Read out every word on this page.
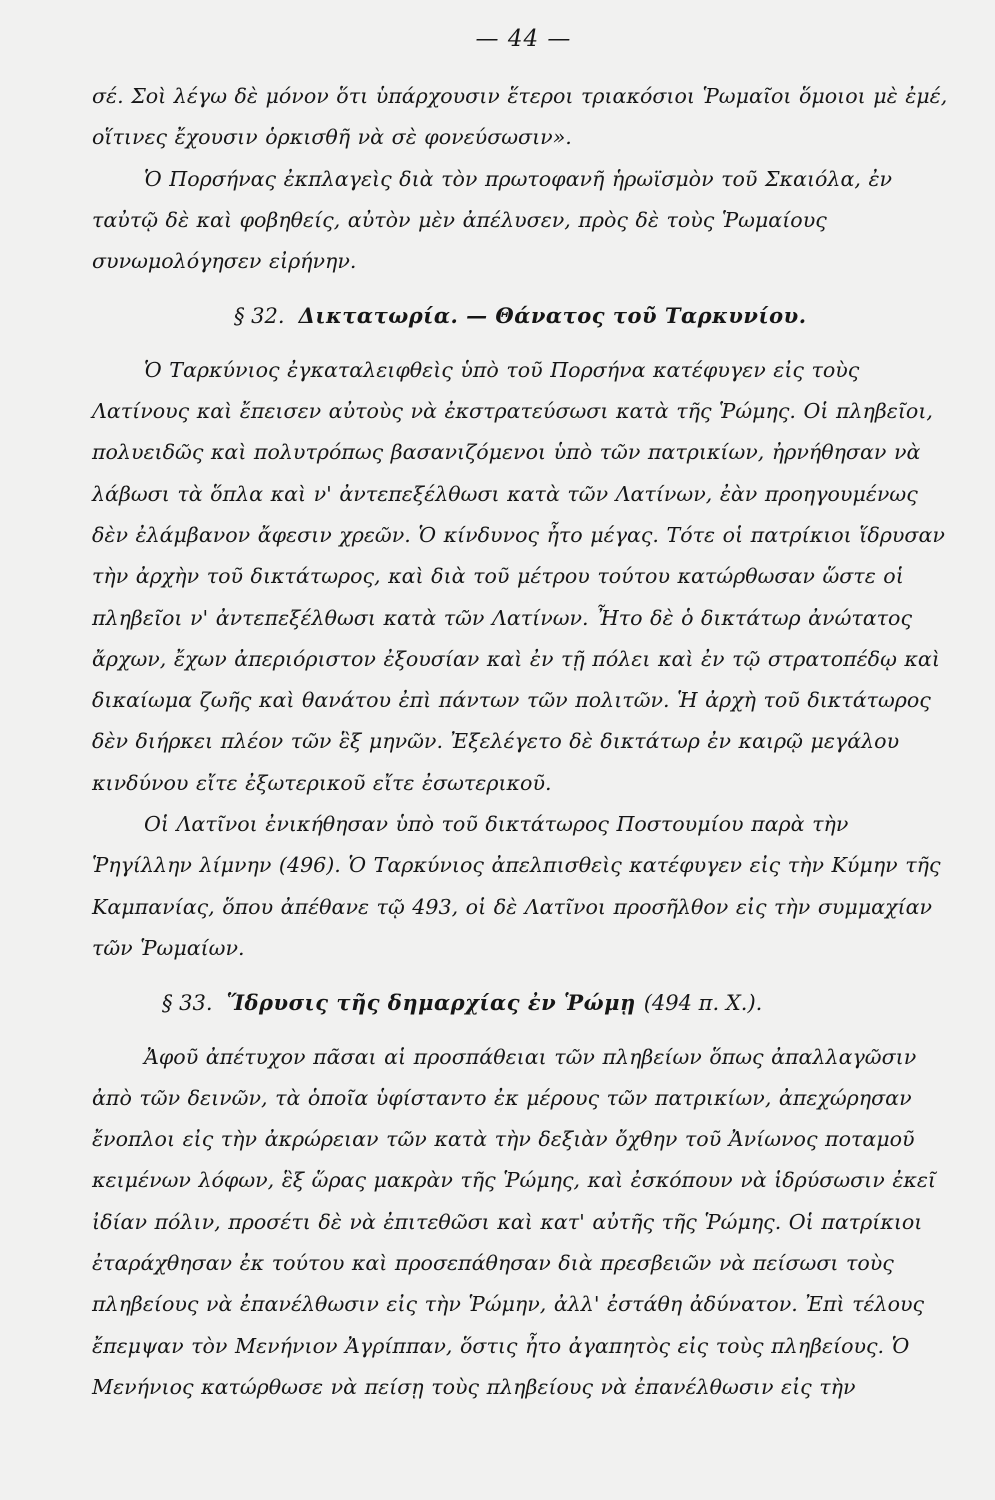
— 44 —

σέ. Σοὶ λέγω δὲ μόνον ὅτι ὑπάρχουσιν ἕτεροι τριακόσιοι Ῥωμαῖοι ὅμοιοι μὲ ἐμέ, οἵτινες ἔχουσιν ὁρκισθῆ νὰ σὲ φονεύσωσιν».

Ὁ Πορσήνας ἐκπλαγεὶς διὰ τὸν πρωτοφανῆ ἡρωϊσμὸν τοῦ Σκαιόλα, ἐν ταὐτῷ δὲ καὶ φοβηθείς, αὐτὸν μὲν ἀπέλυσεν, πρὸς δὲ τοὺς Ῥωμαίους συνωμολόγησεν εἰρήνην.

§ 32. Δικτατωρία. — Θάνατος τοῦ Ταρκυνίου.

Ὁ Ταρκύνιος ἐγκαταλειφθεὶς ὑπὸ τοῦ Πορσήνα κατέφυγεν εἰς τοὺς Λατίνους καὶ ἔπεισεν αὐτοὺς νὰ ἐκστρατεύσωσι κατὰ τῆς Ῥώμης. Οἱ πληβεῖοι, πολυειδῶς καὶ πολυτρόπως βασανιζόμενοι ὑπὸ τῶν πατρικίων, ἠρνήθησαν νὰ λάβωσι τὰ ὅπλα καὶ ν' ἀντεπεξέλθωσι κατὰ τῶν Λατίνων, ἐὰν προηγουμένως δὲν ἐλάμβανον ἄφεσιν χρεῶν. Ὁ κίνδυνος ἦτο μέγας. Τότε οἱ πατρίκιοι ἵδρυσαν τὴν ἀρχὴν τοῦ δικτάτωρος, καὶ διὰ τοῦ μέτρου τούτου κατώρθωσαν ὥστε οἱ πληβεῖοι ν' ἀντεπεξέλθωσι κατὰ τῶν Λατίνων. Ἦτο δὲ ὁ δικτάτωρ ἀνώτατος ἄρχων, ἔχων ἀπεριόριστον ἐξουσίαν καὶ ἐν τῇ πόλει καὶ ἐν τῷ στρατοπέδῳ καὶ δικαίωμα ζωῆς καὶ θανάτου ἐπὶ πάντων τῶν πολιτῶν. Ἡ ἀρχὴ τοῦ δικτάτωρος δὲν διήρκει πλέον τῶν ἓξ μηνῶν. Ἐξελέγετο δὲ δικτάτωρ ἐν καιρῷ μεγάλου κινδύνου εἴτε ἐξωτερικοῦ εἴτε ἐσωτερικοῦ.

Οἱ Λατῖνοι ἐνικήθησαν ὑπὸ τοῦ δικτάτωρος Ποστουμίου παρὰ τὴν Ῥηγίλλην λίμνην (496). Ὁ Ταρκύνιος ἀπελπισθεὶς κατέφυγεν εἰς τὴν Κύμην τῆς Καμπανίας, ὅπου ἀπέθανε τῷ 493, οἱ δὲ Λατῖνοι προσῆλθον εἰς τὴν συμμαχίαν τῶν Ῥωμαίων.

§ 33. Ἵδρυσις τῆς δημαρχίας ἐν Ῥώμῃ (494 π. Χ.).

Ἀφοῦ ἀπέτυχον πᾶσαι αἱ προσπάθειαι τῶν πληβείων ὅπως ἀπαλλαγῶσιν ἀπὸ τῶν δεινῶν, τὰ ὁποῖα ὑφίσταντο ἐκ μέρους τῶν πατρικίων, ἀπεχώρησαν ἔνοπλοι εἰς τὴν ἀκρώρειαν τῶν κατὰ τὴν δεξιὰν ὄχθην τοῦ Ἀνίωνος ποταμοῦ κειμένων λόφων, ἓξ ὥρας μακρὰν τῆς Ῥώμης, καὶ ἐσκόπουν νὰ ἱδρύσωσιν ἐκεῖ ἰδίαν πόλιν, προσέτι δὲ νὰ ἐπιτεθῶσι καὶ κατ' αὐτῆς τῆς Ῥώμης. Οἱ πατρίκιοι ἐταράχθησαν ἐκ τούτου καὶ προσεπάθησαν διὰ πρεσβειῶν νὰ πείσωσι τοὺς πληβείους νὰ ἐπανέλθωσιν εἰς τὴν Ῥώμην, ἀλλ' ἐστάθη ἀδύνατον. Ἐπὶ τέλους ἔπεμψαν τὸν Μενήνιον Ἀγρίππαν, ὅστις ἦτο ἀγαπητὸς εἰς τοὺς πληβείους. Ὁ Μενήνιος κατώρθωσε νὰ πείσῃ τοὺς πληβείους νὰ ἐπανέλθωσιν εἰς τὴν
